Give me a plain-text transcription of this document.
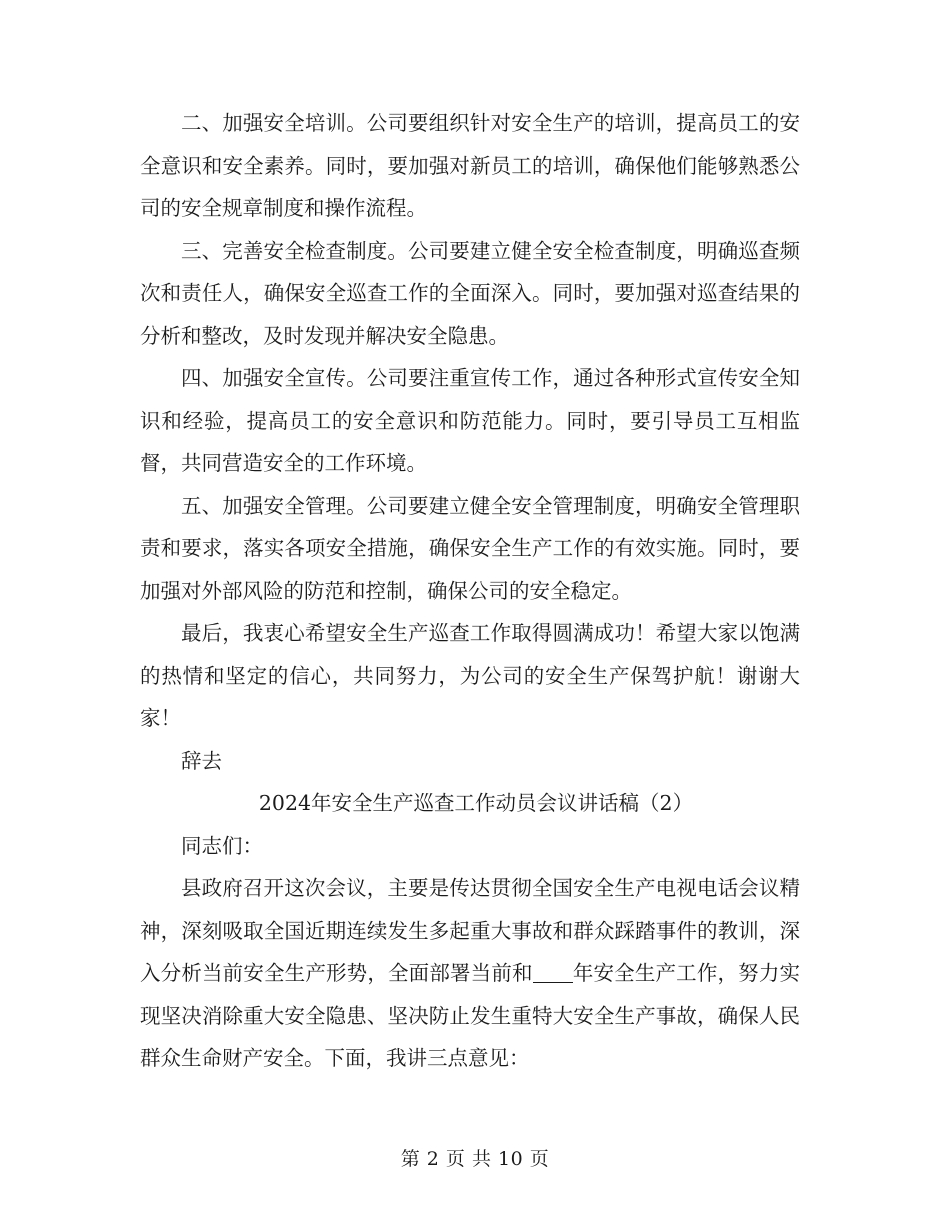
二、加强安全培训。公司要组织针对安全生产的培训，提高员工的安全意识和安全素养。同时，要加强对新员工的培训，确保他们能够熟悉公司的安全规章制度和操作流程。

三、完善安全检查制度。公司要建立健全安全检查制度，明确巡查频次和责任人，确保安全巡查工作的全面深入。同时，要加强对巡查结果的分析和整改，及时发现并解决安全隐患。

四、加强安全宣传。公司要注重宣传工作，通过各种形式宣传安全知识和经验，提高员工的安全意识和防范能力。同时，要引导员工互相监督，共同营造安全的工作环境。

五、加强安全管理。公司要建立健全安全管理制度，明确安全管理职责和要求，落实各项安全措施，确保安全生产工作的有效实施。同时，要加强对外部风险的防范和控制，确保公司的安全稳定。

最后，我衷心希望安全生产巡查工作取得圆满成功！希望大家以饱满的热情和坚定的信心，共同努力，为公司的安全生产保驾护航！谢谢大家！

辞去

2024年安全生产巡查工作动员会议讲话稿（2）

同志们：

县政府召开这次会议，主要是传达贯彻全国安全生产电视电话会议精神，深刻吸取全国近期连续发生多起重大事故和群众踩踏事件的教训，深入分析当前安全生产形势，全面部署当前和 年安全生产工作，努力实现坚决消除重大安全隐患、坚决防止发生重特大安全生产事故，确保人民群众生命财产安全。下面，我讲三点意见：

第 2 页 共 10 页
